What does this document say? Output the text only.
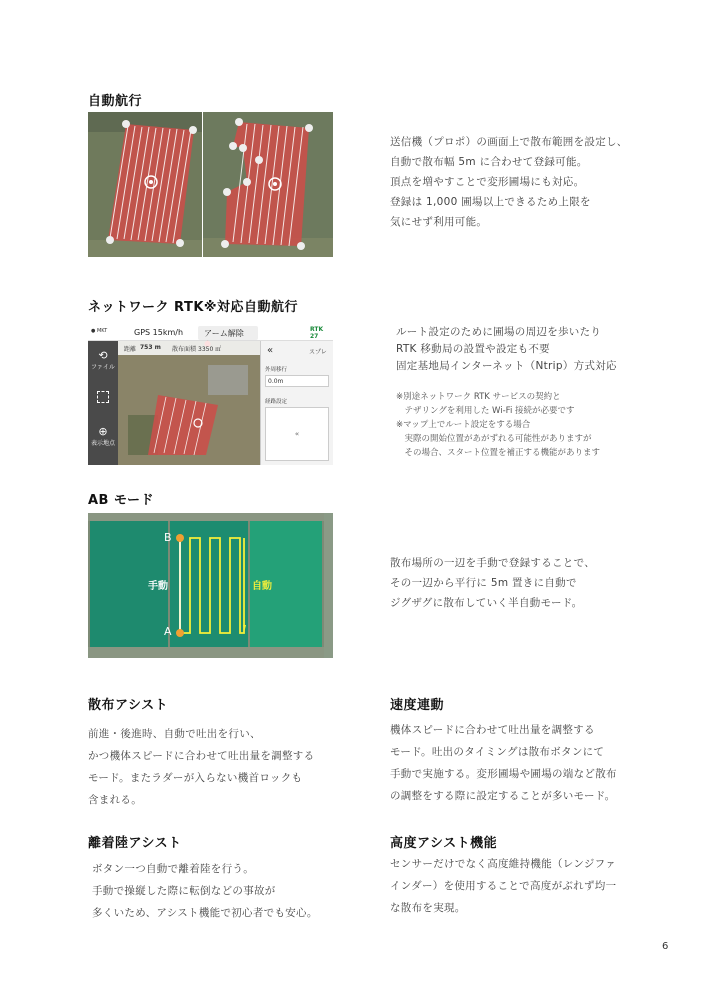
自動航行
送信機（プロポ）の画面上で散布範囲を設定し、
自動で散布幅 5m に合わせて登録可能。
頂点を増やすことで変形圃場にも対応。
登録は 1,000 圃場以上できるため上限を
気にせず利用可能。
ネットワーク RTK※対応自動航行
● MKT	GPS 15km/h	アーム解除	RTK
27
距離 753 m 散布面積 3350 ㎡
⟲
ファイル
⊕
表示地点
«	スプレ
外周移行
0.0m
経路設定
«
ルート設定のために圃場の周辺を歩いたり
RTK 移動局の設置や設定も不要
固定基地局インターネット（Ntrip）方式対応
※別途ネットワーク RTK サービスの契約と
　テザリングを利用した Wi-Fi 接続が必要です
※マップ上でルート設定をする場合
　実際の開始位置があがずれる可能性がありますが
　その場合、スタート位置を補正する機能があります
AB モード
B
A
手動	自動
散布場所の一辺を手動で登録することで、
その一辺から平行に 5m 置きに自動で
ジグザグに散布していく半自動モード。
散布アシスト
前進・後進時、自動で吐出を行い、
かつ機体スピードに合わせて吐出量を調整する
モード。またラダーが入らない機首ロックも
含まれる。
速度連動
機体スピードに合わせて吐出量を調整する
モード。吐出のタイミングは散布ボタンにて
手動で実施する。変形圃場や圃場の端など散布
の調整をする際に設定することが多いモード。
離着陸アシスト
ボタン一つ自動で離着陸を行う。
手動で操縦した際に転倒などの事故が
多くいため、アシスト機能で初心者でも安心。
高度アシスト機能
センサーだけでなく高度維持機能（レンジファ
インダー）を使用することで高度がぶれず均一
な散布を実現。
6
